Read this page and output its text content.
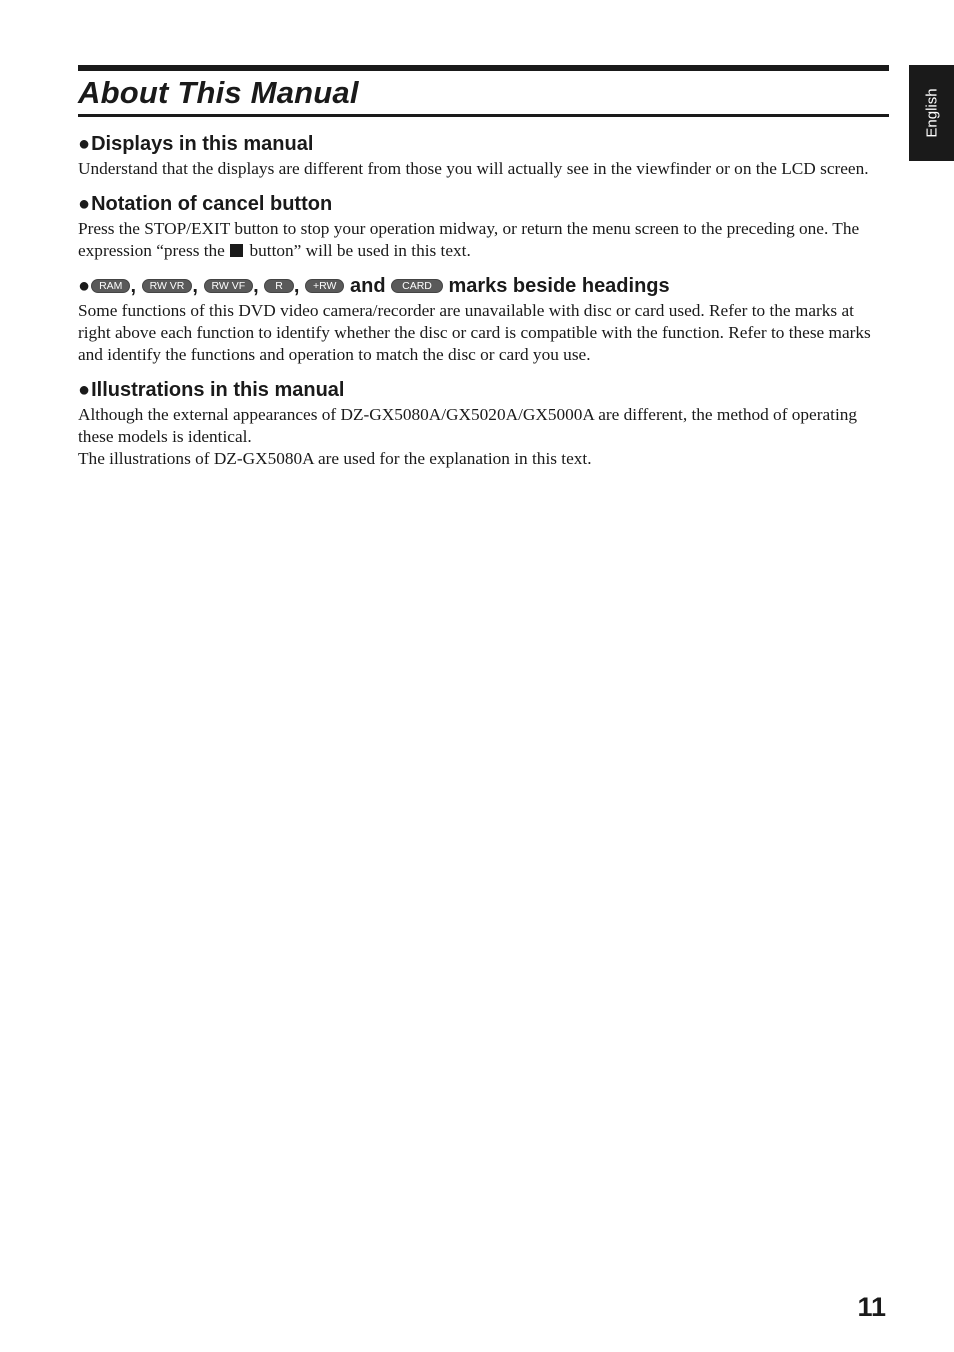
About This Manual	English
●Displays in this manual

Understand that the displays are different from those you will actually see in the viewfinder or on the LCD screen.

●Notation of cancel button

Press the STOP/EXIT button to stop your operation midway, or return the menu screen to the preceding one. The expression “press the button” will be used in this text.

● RAM , RW VR , RW VF , R , +RW and CARD marks beside headings

Some functions of this DVD video camera/recorder are unavailable with disc or card used. Refer to the marks at right above each function to identify whether the disc or card is compatible with the function. Refer to these marks and identify the functions and operation to match the disc or card you use.

●Illustrations in this manual

Although the external appearances of DZ-GX5080A/GX5020A/GX5000A are different, the method of operating these models is identical.

The illustrations of DZ-GX5080A are used for the explanation in this text.

11
